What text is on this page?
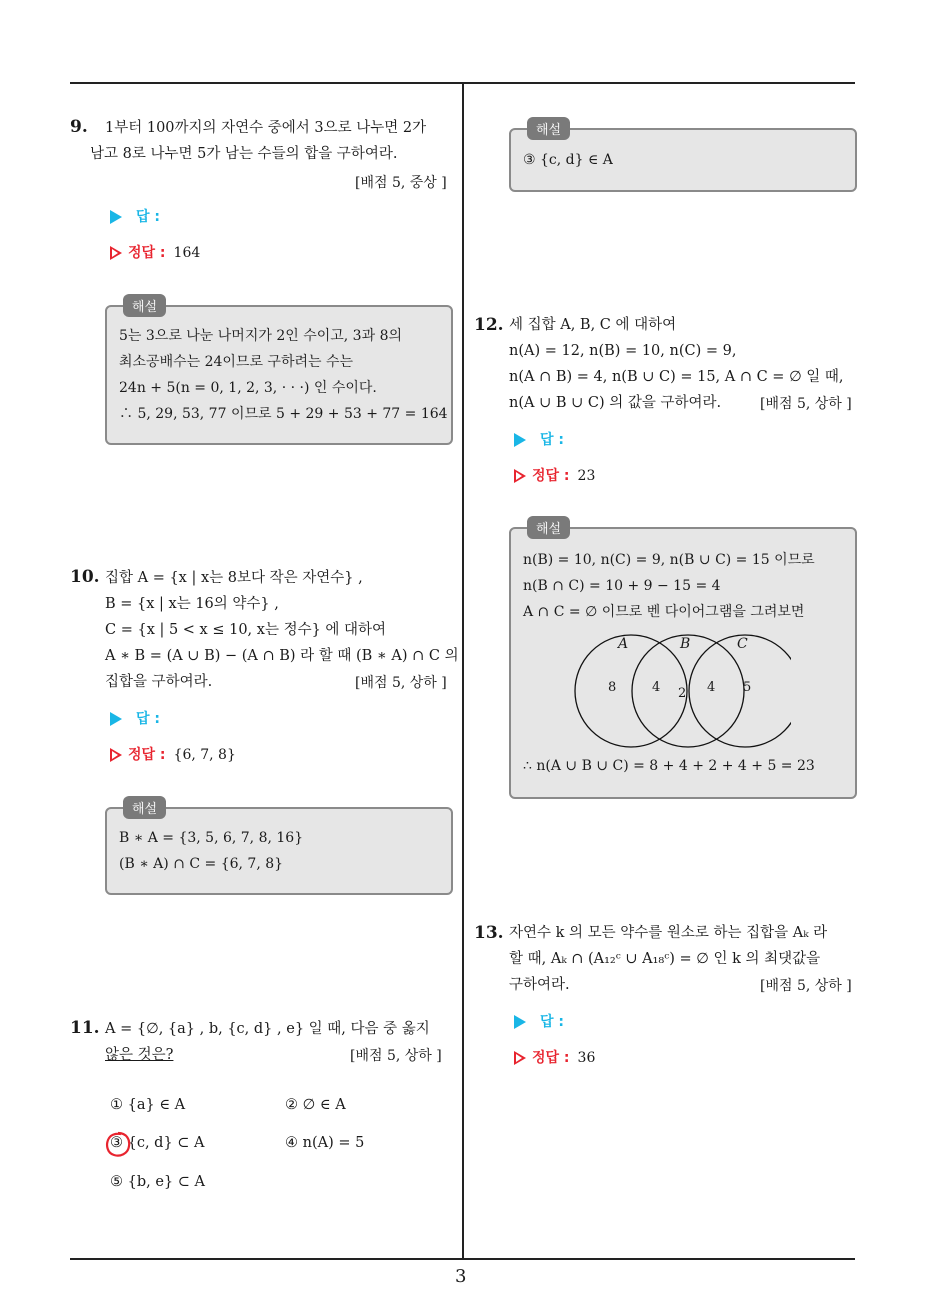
3
9. 1부터 100까지의 자연수 중에서 3으로 나누면 2가
남고 8로 나누면 5가 남는 수들의 합을 구하여라.
[배점 5, 중상 ]
답 :
정답 : 164
해설
5는 3으로 나눈 나머지가 2인 수이고, 3과 8의
최소공배수는 24이므로 구하려는 수는
24n + 5(n = 0, 1, 2, 3, · · ·) 인 수이다.
∴ 5, 29, 53, 77 이므로 5 + 29 + 53 + 77 = 164
10. 집합 A = {x | x는 8보다 작은 자연수} ,
B = {x | x는 16의 약수} ,
C = {x | 5 < x ≤ 10, x는 정수} 에 대하여
A ∗ B = (A ∪ B) − (A ∩ B) 라 할 때 (B ∗ A) ∩ C 의
집합을 구하여라.	[배점 5, 상하 ]
답 :
정답 : {6, 7, 8}
해설
B ∗ A = {3, 5, 6, 7, 8, 16}
(B ∗ A) ∩ C = {6, 7, 8}
11. A = {∅, {a} , b, {c, d} , e} 일 때, 다음 중 옳지
않은 것은?	[배점 5, 상하 ]
① {a} ∈ A	② ∅ ∈ A
③ {c, d} ⊂ A	④ n(A) = 5
⑤ {b, e} ⊂ A
해설
③ {c, d} ∈ A
12. 세 집합 A, B, C 에 대하여
n(A) = 12, n(B) = 10, n(C) = 9,
n(A ∩ B) = 4, n(B ∪ C) = 15, A ∩ C = ∅ 일 때,
n(A ∪ B ∪ C) 의 값을 구하여라.	[배점 5, 상하 ]
답 :
정답 : 23
해설
n(B) = 10, n(C) = 9, n(B ∪ C) = 15 이므로
n(B ∩ C) = 10 + 9 − 15 = 4
A ∩ C = ∅ 이므로 벤 다이어그램을 그려보면
A	B	C
8	4 2 4 5
∴ n(A ∪ B ∪ C) = 8 + 4 + 2 + 4 + 5 = 23
13. 자연수 k 의 모든 약수를 원소로 하는 집합을 Aₖ 라
할 때, Aₖ ∩ (A₁₂ᶜ ∪ A₁₈ᶜ) = ∅ 인 k 의 최댓값을
구하여라.	[배점 5, 상하 ]
답 :
정답 : 36
